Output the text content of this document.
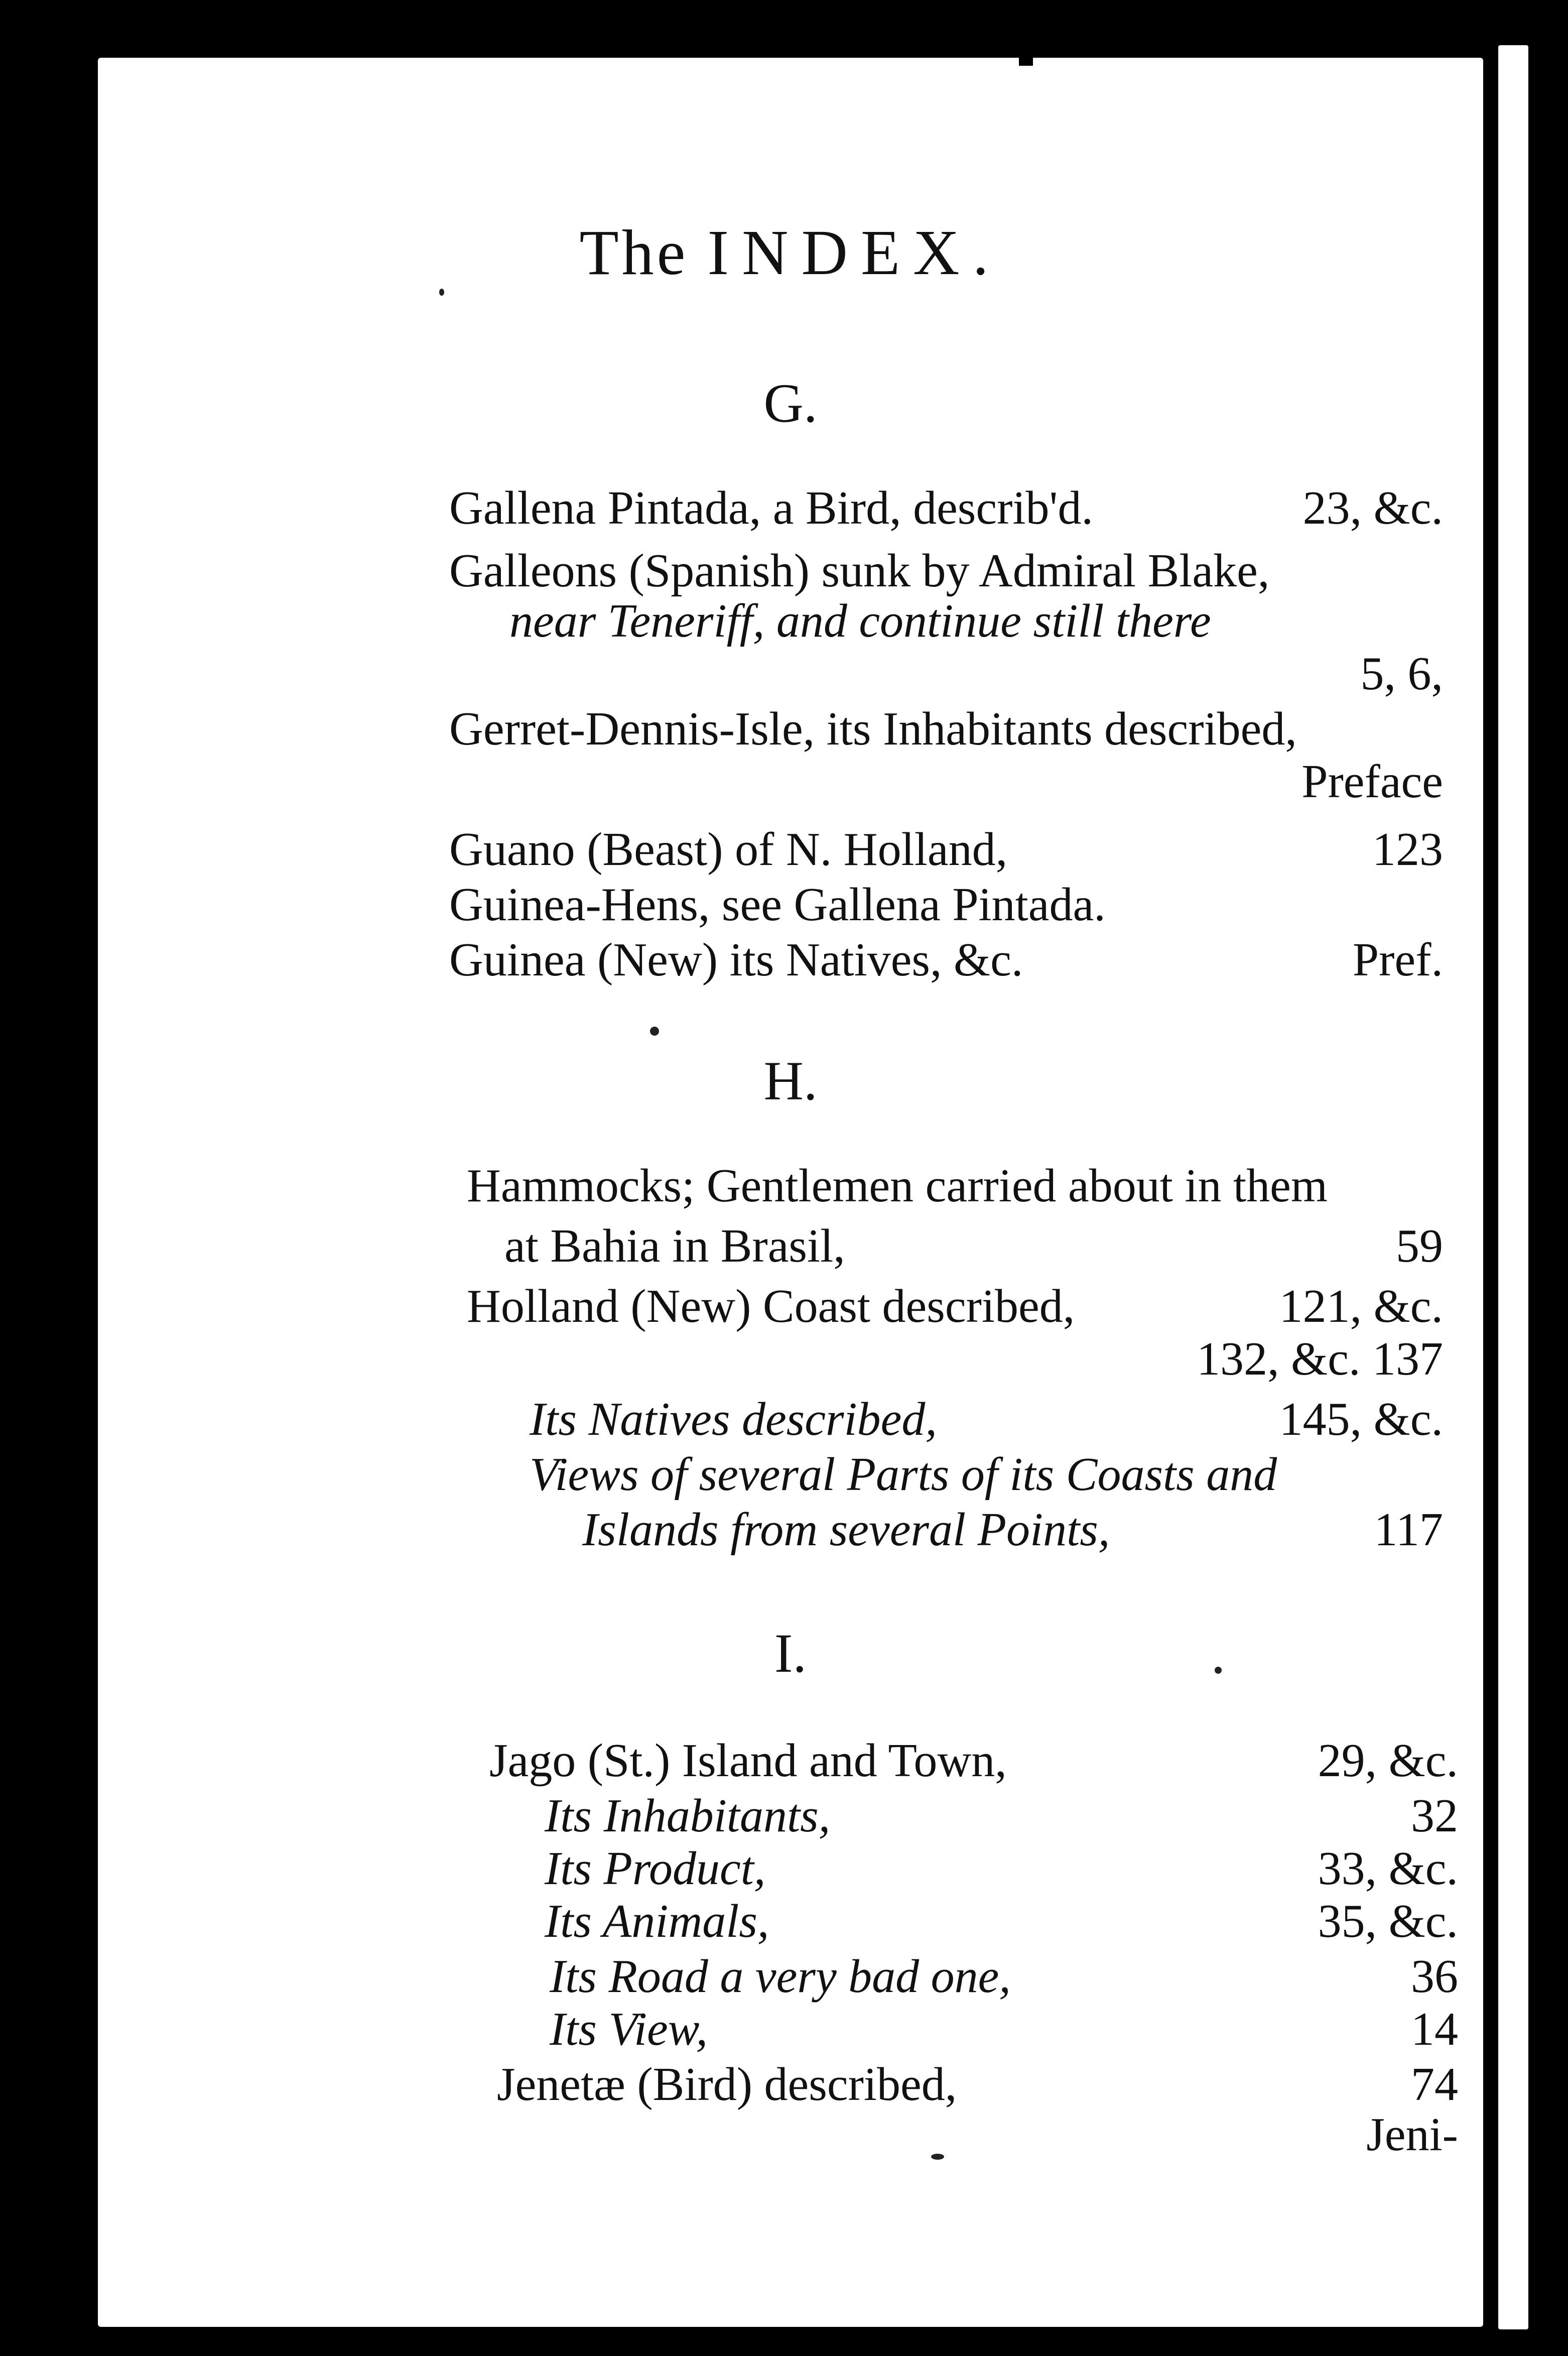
The INDEX.
G.
Gallena Pintada, a Bird, describ'd.	23, &c.
Galleons (Spanish) sunk by Admiral Blake,
near Teneriff, and continue still there
5, 6,
Gerret-Dennis-Isle, its Inhabitants described,
Preface
Guano (Beast) of N. Holland,	123
Guinea-Hens, see Gallena Pintada.
Guinea (New) its Natives, &c.	Pref.
H.
Hammocks; Gentlemen carried about in them
at Bahia in Brasil,	59
Holland (New) Coast described,	121, &c.
132, &c. 137
Its Natives described,	145, &c.
Views of several Parts of its Coasts and
Islands from several Points,	117
I.
Jago (St.) Island and Town,	29, &c.
Its Inhabitants,	32
Its Product,	33, &c.
Its Animals,	35, &c.
Its Road a very bad one,	36
Its View,	14
Jenetæ (Bird) described,	74
Jeni-
